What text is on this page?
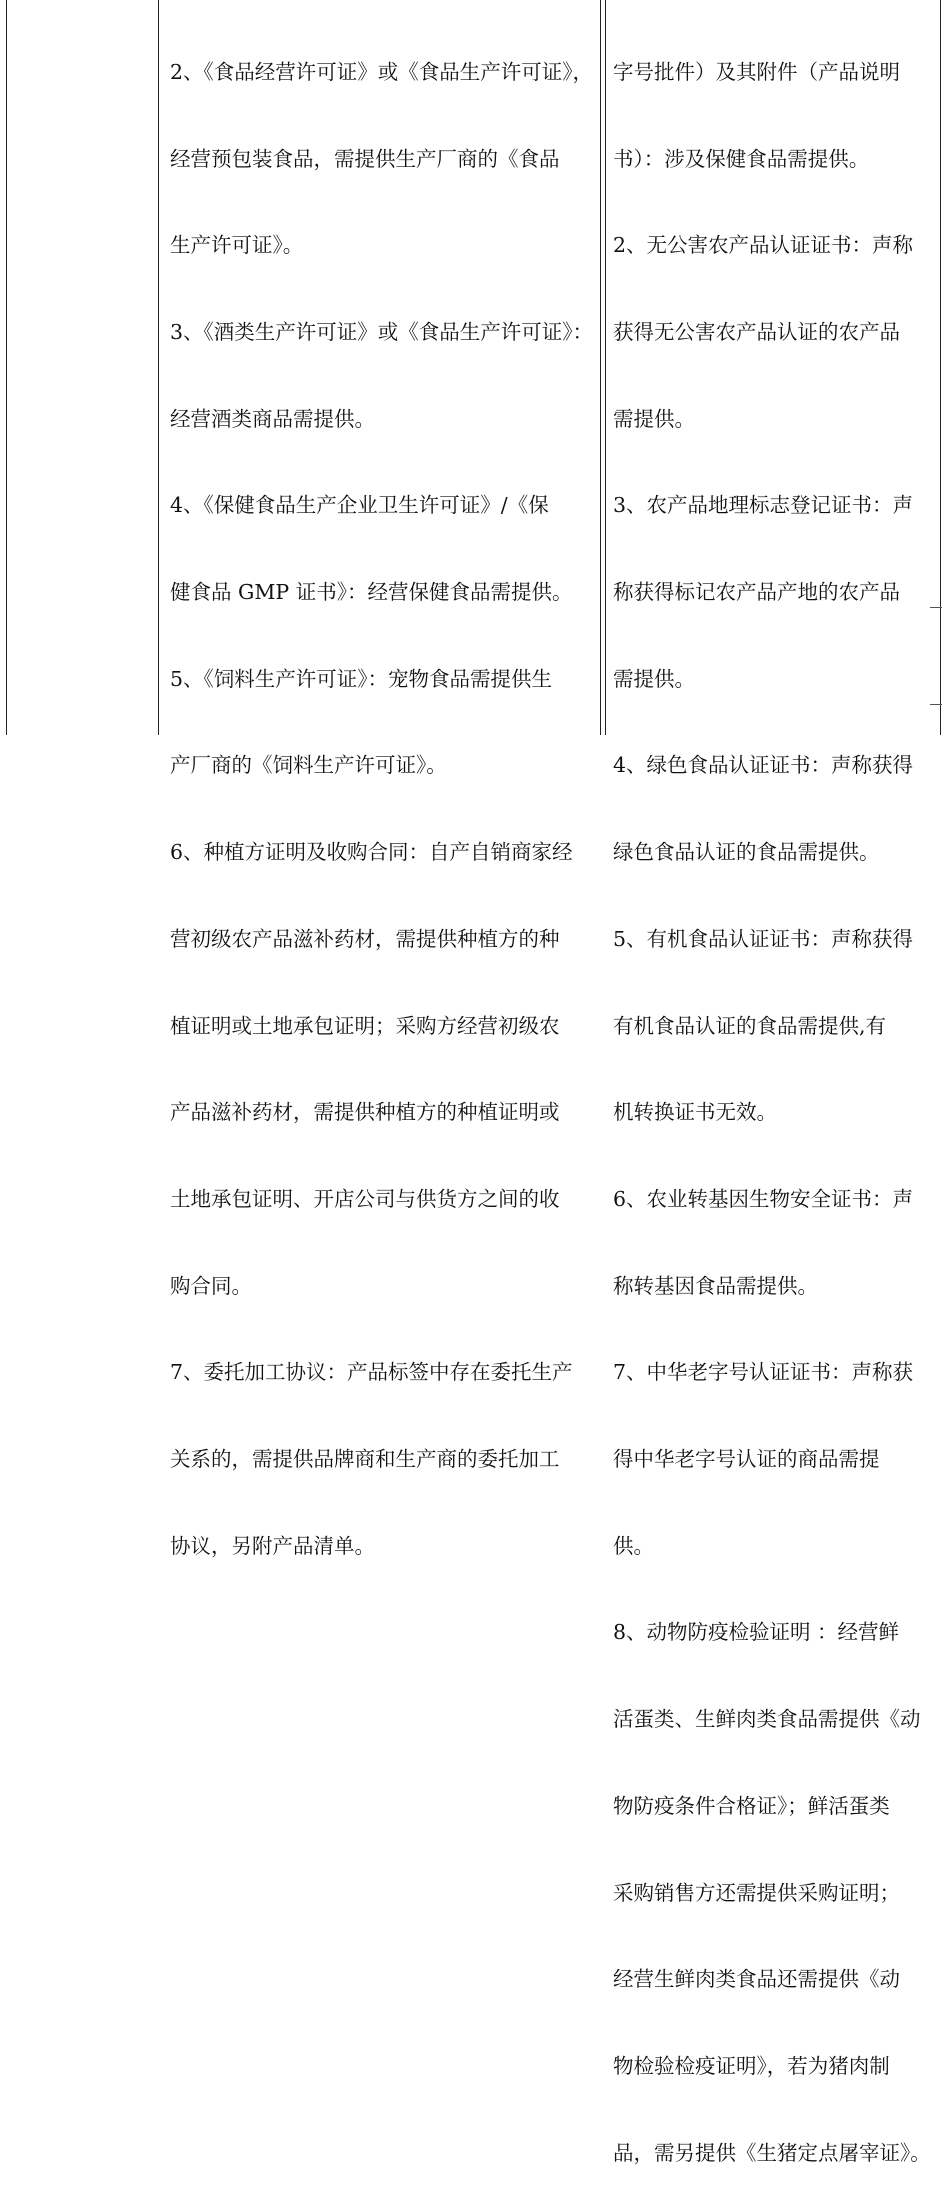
2、《食品经营许可证》或《食品生产许可证》，

经营预包装食品，需提供生产厂商的《食品

生产许可证》。

3、《酒类生产许可证》或《食品生产许可证》：

经营酒类商品需提供。

4、《保健食品生产企业卫生许可证》/《保

健食品 GMP 证书》：经营保健食品需提供。

5、《饲料生产许可证》：宠物食品需提供生

产厂商的《饲料生产许可证》。

6、种植方证明及收购合同：自产自销商家经

营初级农产品滋补药材，需提供种植方的种

植证明或土地承包证明；采购方经营初级农

产品滋补药材，需提供种植方的种植证明或

土地承包证明、开店公司与供货方之间的收

购合同。

7、委托加工协议：产品标签中存在委托生产

关系的，需提供品牌商和生产商的委托加工

协议，另附产品清单。

字号批件）及其附件（产品说明

书）：涉及保健食品需提供。

2、无公害农产品认证证书：声称

获得无公害农产品认证的农产品

需提供。

3、农产品地理标志登记证书：声

称获得标记农产品产地的农产品

需提供。

4、绿色食品认证证书：声称获得

绿色食品认证的食品需提供。

5、有机食品认证证书：声称获得

有机食品认证的食品需提供,有

机转换证书无效。

6、农业转基因生物安全证书：声

称转基因食品需提供。

7、中华老字号认证证书：声称获

得中华老字号认证的商品需提

供。

8、动物防疫检验证明 ：经营鲜

活蛋类、生鲜肉类食品需提供《动

物防疫条件合格证》；鲜活蛋类

采购销售方还需提供采购证明；

经营生鲜肉类食品还需提供《动

物检验检疫证明》，若为猪肉制

品，需另提供《生猪定点屠宰证》。
